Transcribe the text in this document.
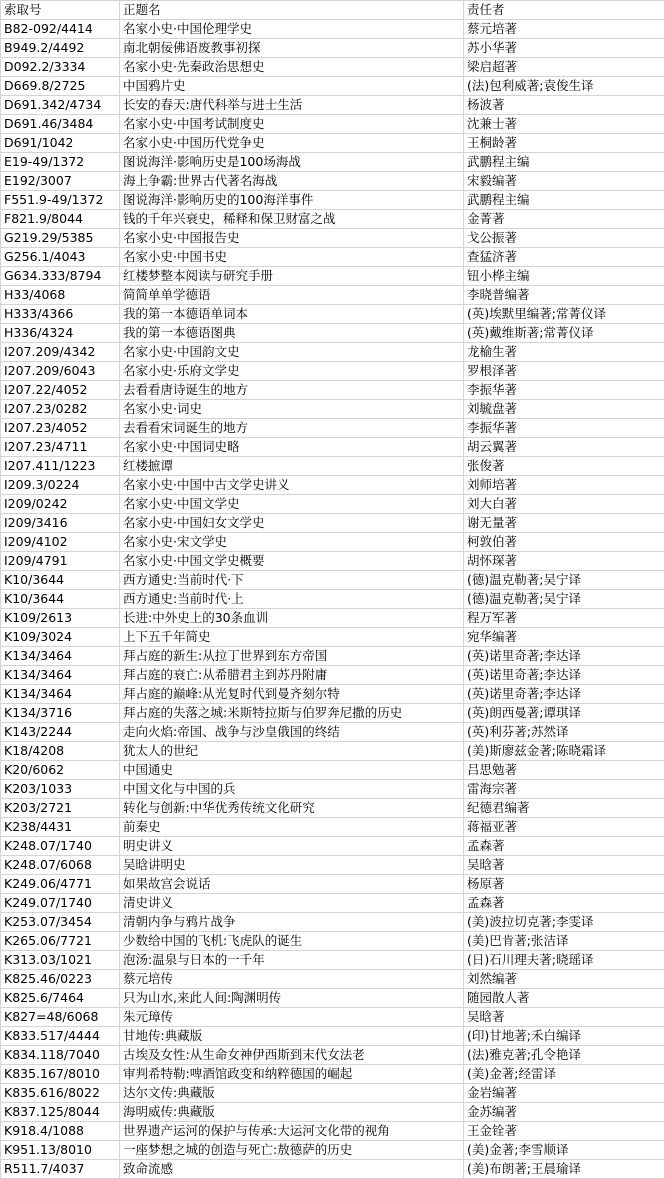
索取号	正题名	责任者
B82-092/4414	名家小史·中国伦理学史	蔡元培著
B949.2/4492	南北朝佞佛语废教事初探	苏小华著
D092.2/3334	名家小史·先秦政治思想史	梁启超著
D669.8/2725	中国鸦片史	(法)包利威著;袁俊生译
D691.342/4734	长安的春天:唐代科举与进士生活	杨波著
D691.46/3484	名家小史·中国考试制度史	沈兼士著
D691/1042	名家小史·中国历代党争史	王桐龄著
E19-49/1372	图说海洋·影响历史是100场海战	武鹏程主编
E192/3007	海上争霸:世界古代著名海战	宋毅编著
F551.9-49/1372	图说海洋·影响历史的100海洋事件	武鹏程主编
F821.9/8044	钱的千年兴衰史，稀释和保卫财富之战	金菁著
G219.29/5385	名家小史·中国报告史	戈公振著
G256.1/4043	名家小史·中国书史	查猛济著
G634.333/8794	红楼梦整本阅读与研究手册	钮小桦主编
H33/4068	简简单单学德语	李晓普编著
H333/4366	我的第一本德语单词本	(英)埃默里编著;常菁仪译
H336/4324	我的第一本德语图典	(英)戴维斯著;常菁仪译
I207.209/4342	名家小史·中国韵文史	龙榆生著
I207.209/6043	名家小史·乐府文学史	罗根泽著
I207.22/4052	去看看唐诗诞生的地方	李振华著
I207.23/0282	名家小史·词史	刘毓盘著
I207.23/4052	去看看宋词诞生的地方	李振华著
I207.23/4711	名家小史·中国词史略	胡云翼著
I207.411/1223	红楼摭谭	张俊著
I209.3/0224	名家小史·中国中古文学史讲义	刘师培著
I209/0242	名家小史·中国文学史	刘大白著
I209/3416	名家小史·中国妇女文学史	谢无量著
I209/4102	名家小史·宋文学史	柯敦伯著
I209/4791	名家小史·中国文学史概要	胡怀琛著
K10/3644	西方通史:当前时代·下	(德)温克勒著;吴宁译
K10/3644	西方通史:当前时代·上	(德)温克勒著;吴宁译
K109/2613	长进:中外史上的30条血训	程万军著
K109/3024	上下五千年简史	宛华编著
K134/3464	拜占庭的新生:从拉丁世界到东方帝国	(英)诺里奇著;李达译
K134/3464	拜占庭的衰亡:从希腊君主到苏丹附庸	(英)诺里奇著;李达译
K134/3464	拜占庭的巅峰:从光复时代到曼齐刻尔特	(英)诺里奇著;李达译
K134/3716	拜占庭的失落之城:米斯特拉斯与伯罗奔尼撒的历史	(英)朗西曼著;谭琪译
K143/2244	走向火焰:帝国、战争与沙皇俄国的终结	(英)利芬著;苏然译
K18/4208	犹太人的世纪	(美)斯廖兹金著;陈晓霜译
K20/6062	中国通史	吕思勉著
K203/1033	中国文化与中国的兵	雷海宗著
K203/2721	转化与创新:中华优秀传统文化研究	纪德君编著
K238/4431	前秦史	蒋福亚著
K248.07/1740	明史讲义	孟森著
K248.07/6068	吴晗讲明史	吴晗著
K249.06/4771	如果故宫会说话	杨原著
K249.07/1740	清史讲义	孟森著
K253.07/3454	清朝内争与鸦片战争	(美)波拉切克著;李雯译
K265.06/7721	少数给中国的飞机:飞虎队的诞生	(美)巴肯著;张洁译
K313.03/1021	泡汤:温泉与日本的一千年	(日)石川理夫著;晓瑶译
K825.46/0223	蔡元培传	刘然编著
K825.6/7464	只为山水,来此人间:陶渊明传	随园散人著
K827=48/6068	朱元璋传	吴晗著
K833.517/4444	甘地传:典藏版	(印)甘地著;禾白编译
K834.118/7040	古埃及女性:从生命女神伊西斯到末代女法老	(法)雅克著;孔令艳译
K835.167/8010	审判希特勒:啤酒馆政变和纳粹德国的崛起	(美)金著;经雷译
K835.616/8022	达尔文传:典藏版	金岩编著
K837.125/8044	海明威传:典藏版	金苏编著
K918.4/1088	世界遗产运河的保护与传承:大运河文化带的视角	王金铨著
K951.13/8010	一座梦想之城的创造与死亡:敖德萨的历史	(美)金著;李雪顺译
R511.7/4037	致命流感	(美)布朗著;王晨瑜译
